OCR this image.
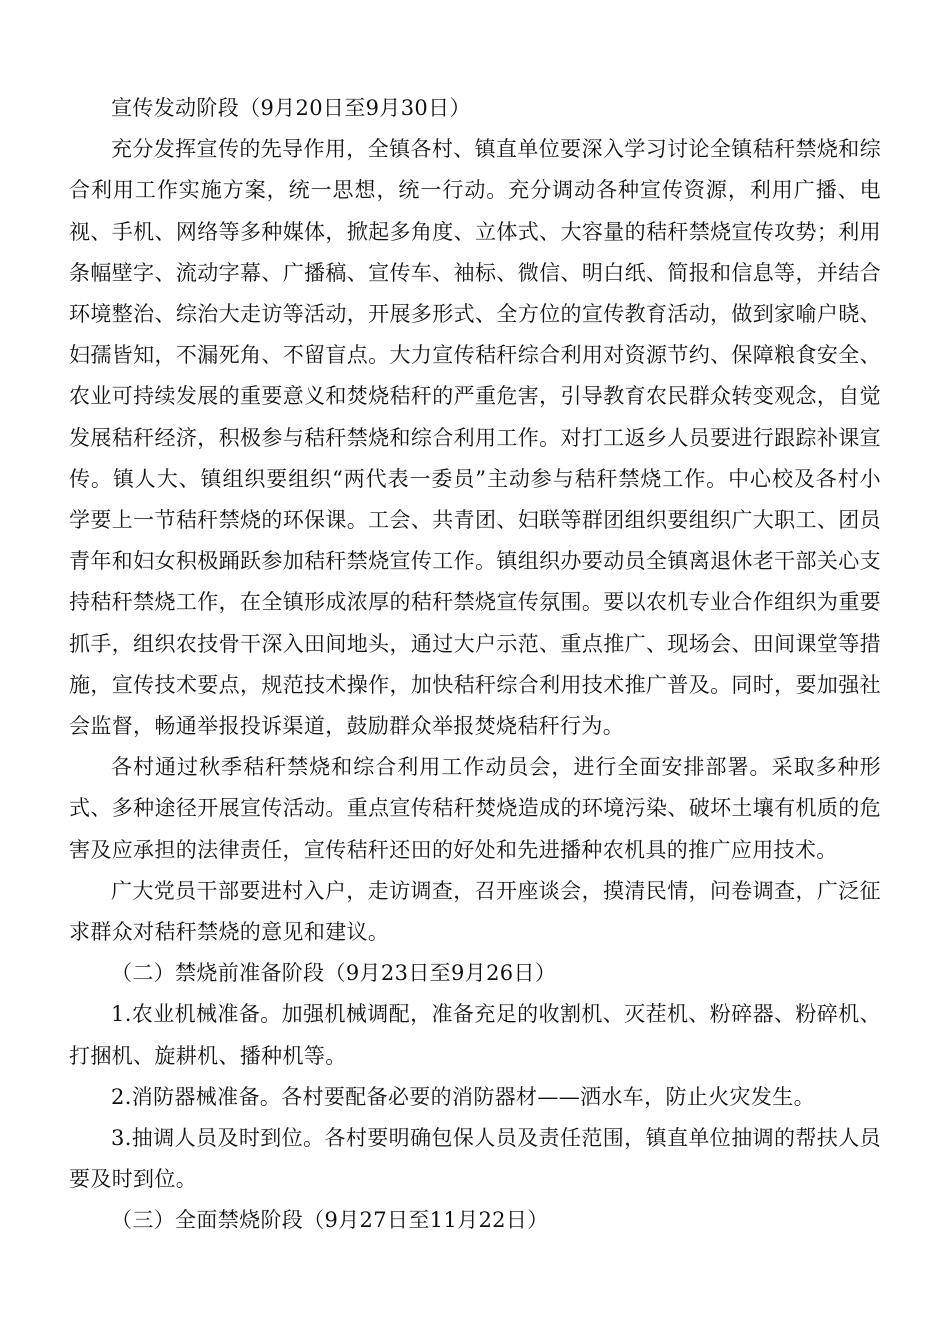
宣传发动阶段（9月20日至9月30日）

充分发挥宣传的先导作用，全镇各村、镇直单位要深入学习讨论全镇秸秆禁烧和综合利用工作实施方案，统一思想，统一行动。充分调动各种宣传资源，利用广播、电视、手机、网络等多种媒体，掀起多角度、立体式、大容量的秸秆禁烧宣传攻势；利用条幅壁字、流动字幕、广播稿、宣传车、袖标、微信、明白纸、简报和信息等，并结合环境整治、综治大走访等活动，开展多形式、全方位的宣传教育活动，做到家喻户晓、妇孺皆知，不漏死角、不留盲点。大力宣传秸秆综合利用对资源节约、保障粮食安全、农业可持续发展的重要意义和焚烧秸秆的严重危害，引导教育农民群众转变观念，自觉发展秸秆经济，积极参与秸秆禁烧和综合利用工作。对打工返乡人员要进行跟踪补课宣传。镇人大、镇组织要组织“两代表一委员”主动参与秸秆禁烧工作。中心校及各村小学要上一节秸秆禁烧的环保课。工会、共青团、妇联等群团组织要组织广大职工、团员青年和妇女积极踊跃参加秸秆禁烧宣传工作。镇组织办要动员全镇离退休老干部关心支持秸秆禁烧工作，在全镇形成浓厚的秸秆禁烧宣传氛围。要以农机专业合作组织为重要抓手，组织农技骨干深入田间地头，通过大户示范、重点推广、现场会、田间课堂等措施，宣传技术要点，规范技术操作，加快秸秆综合利用技术推广普及。同时，要加强社会监督，畅通举报投诉渠道，鼓励群众举报焚烧秸秆行为。

各村通过秋季秸秆禁烧和综合利用工作动员会，进行全面安排部署。采取多种形式、多种途径开展宣传活动。重点宣传秸秆焚烧造成的环境污染、破坏土壤有机质的危害及应承担的法律责任，宣传秸秆还田的好处和先进播种农机具的推广应用技术。

广大党员干部要进村入户，走访调查，召开座谈会，摸清民情，问卷调查，广泛征求群众对秸秆禁烧的意见和建议。

（二）禁烧前准备阶段（9月23日至9月26日）

1.农业机械准备。加强机械调配，准备充足的收割机、灭茬机、粉碎器、粉碎机、打捆机、旋耕机、播种机等。

2.消防器械准备。各村要配备必要的消防器材——洒水车，防止火灾发生。

3.抽调人员及时到位。各村要明确包保人员及责任范围，镇直单位抽调的帮扶人员要及时到位。

（三）全面禁烧阶段（9月27日至11月22日）
